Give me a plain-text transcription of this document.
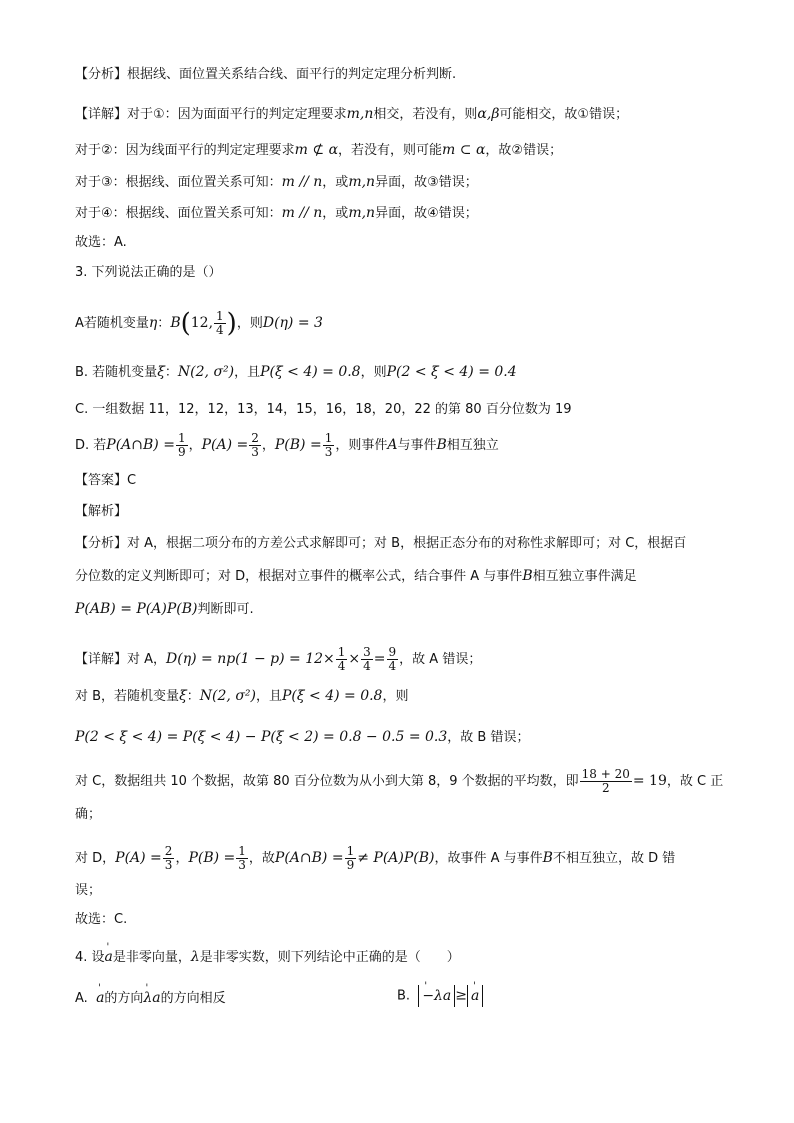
【分析】根据线、面位置关系结合线、面平行的判定定理分析判断.
【详解】对于①：因为面面平行的判定定理要求m,n相交，若没有，则α,β可能相交，故①错误；
对于②：因为线面平行的判定定理要求m ⊄ α，若没有，则可能m ⊂ α，故②错误；
对于③：根据线、面位置关系可知：m // n，或m,n异面，故③错误；
对于④：根据线、面位置关系可知：m // n，或m,n异面，故④错误；
故选：A.
3. 下列说法正确的是（）
A若随机变量η：B(12, $\frac{1}{4}$ )，则D(η) = 3
B. 若随机变量ξ：N(2, σ²)，且P(ξ < 4) = 0.8，则P(2 < ξ < 4) = 0.4
C. 一组数据 11，12，12，13，14，15，16，18，20，22 的第 80 百分位数为 19
D. 若P(A∩B) = $\frac{1}{9}$ ，$P(A) = \frac{2}{3}$ ，$P(B) = \frac{1}{3}$ ，则事件A与事件B相互独立
【答案】C
【解析】
【分析】对 A，根据二项分布的方差公式求解即可；对 B，根据正态分布的对称性求解即可；对 C，根据百
分位数的定义判断即可；对 D，根据对立事件的概率公式，结合事件 A 与事件B相互独立事件满足
P(AB) = P(A)P(B)判断即可.
【详解】对 A，$D(\eta) = np(1 - p) = 12\times \frac{1}{4} \times \frac{3}{4} = \frac{9}{4}$ ，故 A 错误；
对 B，若随机变量ξ：N(2, σ²)，且P(ξ < 4) = 0.8，则
P(2 < ξ < 4) = P(ξ < 4) − P(ξ < 2) = 0.8 − 0.5 = 0.3，故 B 错误；
对 C，数据组共 10 个数据，故第 80 百分位数为从小到大第 8，9 个数据的平均数，即 $\frac{18 + 20}{2} = 19$，故 C 正
确；
对 D，$P(A) = \frac{2}{3}$ ，$P(B) = \frac{1}{3}$ ，故P(A∩B) = $\frac{1}{9} \ne P(A)P(B)$，故事件 A 与事件B不相互独立，故 D 错
误；
故选：C.
4. 设' a是非零向量，λ是非零实数，则下列结论中正确的是（　　）
A. ' a的方向' λa的方向相反	B. ' −λa ≥ ' a
